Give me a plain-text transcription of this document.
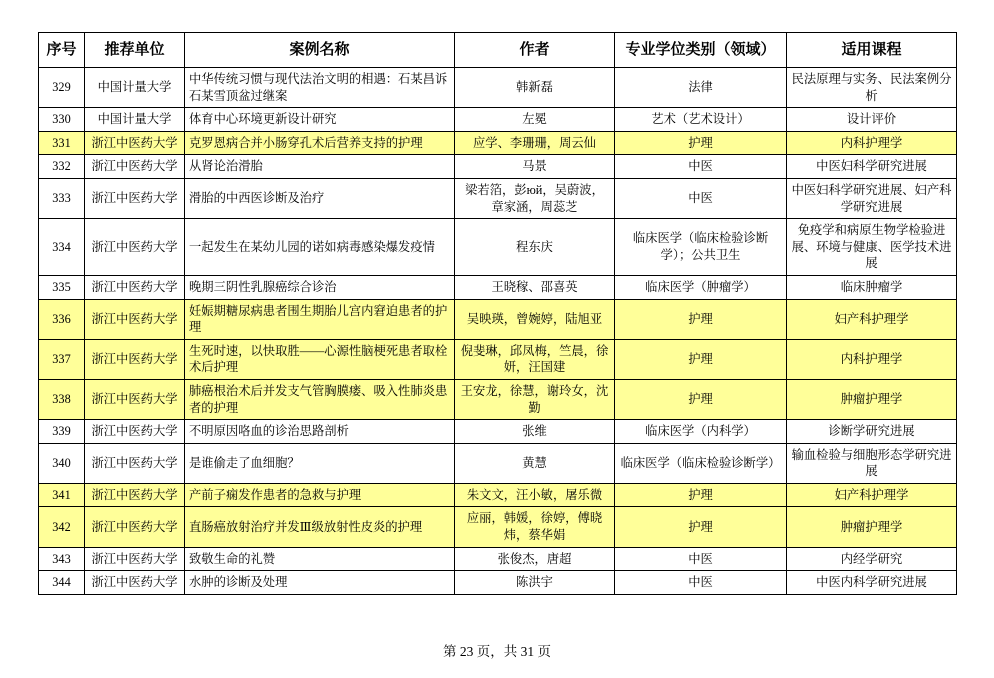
序号	推荐单位	案例名称	作者	专业学位类别（领域）	适用课程
329	中国计量大学	中华传统习惯与现代法治文明的相遇：石某昌诉石某雪顶盆过继案	韩新磊	法律	民法原理与实务、民法案例分析
330	中国计量大学	体育中心环境更新设计研究	左冕	艺术（艺术设计）	设计评价
331	浙江中医药大学	克罗恩病合并小肠穿孔术后营养支持的护理	应学、李珊珊，周云仙	护理	内科护理学
332	浙江中医药大学	从肾论治滑胎	马景	中医	中医妇科学研究进展
333	浙江中医药大学	滑胎的中西医诊断及治疗	梁若箔，彭юй，吴蔚波，章家涵，周蕊芝	中医	中医妇科学研究进展、妇产科学研究进展
334	浙江中医药大学	一起发生在某幼儿园的诺如病毒感染爆发疫情	程东庆	临床医学（临床检验诊断学）；公共卫生	免疫学和病原生物学检验进展、环境与健康、医学技术进展
335	浙江中医药大学	晚期三阴性乳腺癌综合诊治	王晓稼、邵喜英	临床医学（肿瘤学）	临床肿瘤学
336	浙江中医药大学	妊娠期糖尿病患者围生期胎儿宫内窘迫患者的护理	吴映瑛，曾婉婷，陆旭亚	护理	妇产科护理学
337	浙江中医药大学	生死时速，以快取胜——心源性脑梗死患者取栓术后护理	倪斐琳，邱凤梅，竺晨，徐妍，汪国建	护理	内科护理学
338	浙江中医药大学	肺癌根治术后并发支气管胸膜瘘、吸入性肺炎患者的护理	王安龙，徐慧，谢玲女，沈勤	护理	肿瘤护理学
339	浙江中医药大学	不明原因咯血的诊治思路剖析	张维	临床医学（内科学）	诊断学研究进展
340	浙江中医药大学	是谁偷走了血细胞？	黄慧	临床医学（临床检验诊断学）	输血检验与细胞形态学研究进展
341	浙江中医药大学	产前子痫发作患者的急救与护理	朱文文，汪小敏，屠乐微	护理	妇产科护理学
342	浙江中医药大学	直肠癌放射治疗并发Ⅲ级放射性皮炎的护理	应丽，韩媛，徐婷，傅晓炜，蔡华娟	护理	肿瘤护理学
343	浙江中医药大学	致敬生命的礼赞	张俊杰，唐超	中医	内经学研究
344	浙江中医药大学	水肿的诊断及处理	陈洪宇	中医	中医内科学研究进展
第 23 页，共 31 页
